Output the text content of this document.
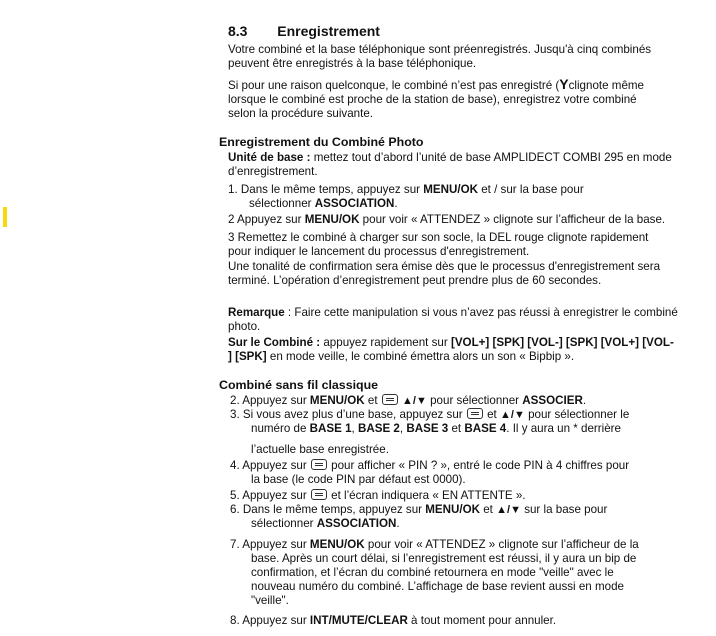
8.3 Enregistrement
Votre combiné et la base téléphonique sont préenregistrés. Jusqu'à cinq combinés
peuvent être enregistrés à la base téléphonique.
Si pour une raison quelconque, le combiné n’est pas enregistré (Yclignote même
lorsque le combiné est proche de la station de base), enregistrez votre combiné
selon la procédure suivante.
Enregistrement du Combiné Photo
Unité de base : mettez tout d’abord l’unité de base AMPLIDECT COMBI 295 en mode
d’enregistrement.
1. Dans le même temps, appuyez sur MENU/OK et / sur la base pour
sélectionner ASSOCIATION.
2 Appuyez sur MENU/OK pour voir « ATTENDEZ » clignote sur l’afficheur de la base.
3 Remettez le combiné à charger sur son socle, la DEL rouge clignote rapidement
pour indiquer le lancement du processus d'enregistrement.
Une tonalité de confirmation sera émise dès que le processus d'enregistrement sera
terminé. L’opération d’enregistrement peut prendre plus de 60 secondes.
Remarque : Faire cette manipulation si vous n’avez pas réussi à enregistrer le combiné
photo.
Sur le Combiné : appuyez rapidement sur [VOL+] [SPK] [VOL-] [SPK] [VOL+] [VOL-
] [SPK] en mode veille, le combiné émettra alors un son « Bipbip ».
Combiné sans fil classique
2. Appuyez sur MENU/OK et  ▲/▼ pour sélectionner ASSOCIER.
3. Si vous avez plus d’une base, appuyez sur  et ▲/▼ pour sélectionner le
numéro de BASE 1, BASE 2, BASE 3 et BASE 4. Il y aura un * derrière
l’actuelle base enregistrée.
4. Appuyez sur  pour afficher « PIN ? », entré le code PIN à 4 chiffres pour
la base (le code PIN par défaut est 0000).
5. Appuyez sur  et l’écran indiquera « EN ATTENTE ».
6. Dans le même temps, appuyez sur MENU/OK et ▲/▼ sur la base pour
sélectionner ASSOCIATION.
7. Appuyez sur MENU/OK pour voir « ATTENDEZ » clignote sur l’afficheur de la
base. Après un court délai, si l’enregistrement est réussi, il y aura un bip de
confirmation, et l’écran du combiné retournera en mode "veille" avec le
nouveau numéro du combiné. L’affichage de base revient aussi en mode
"veille".
8. Appuyez sur INT/MUTE/CLEAR à tout moment pour annuler.
